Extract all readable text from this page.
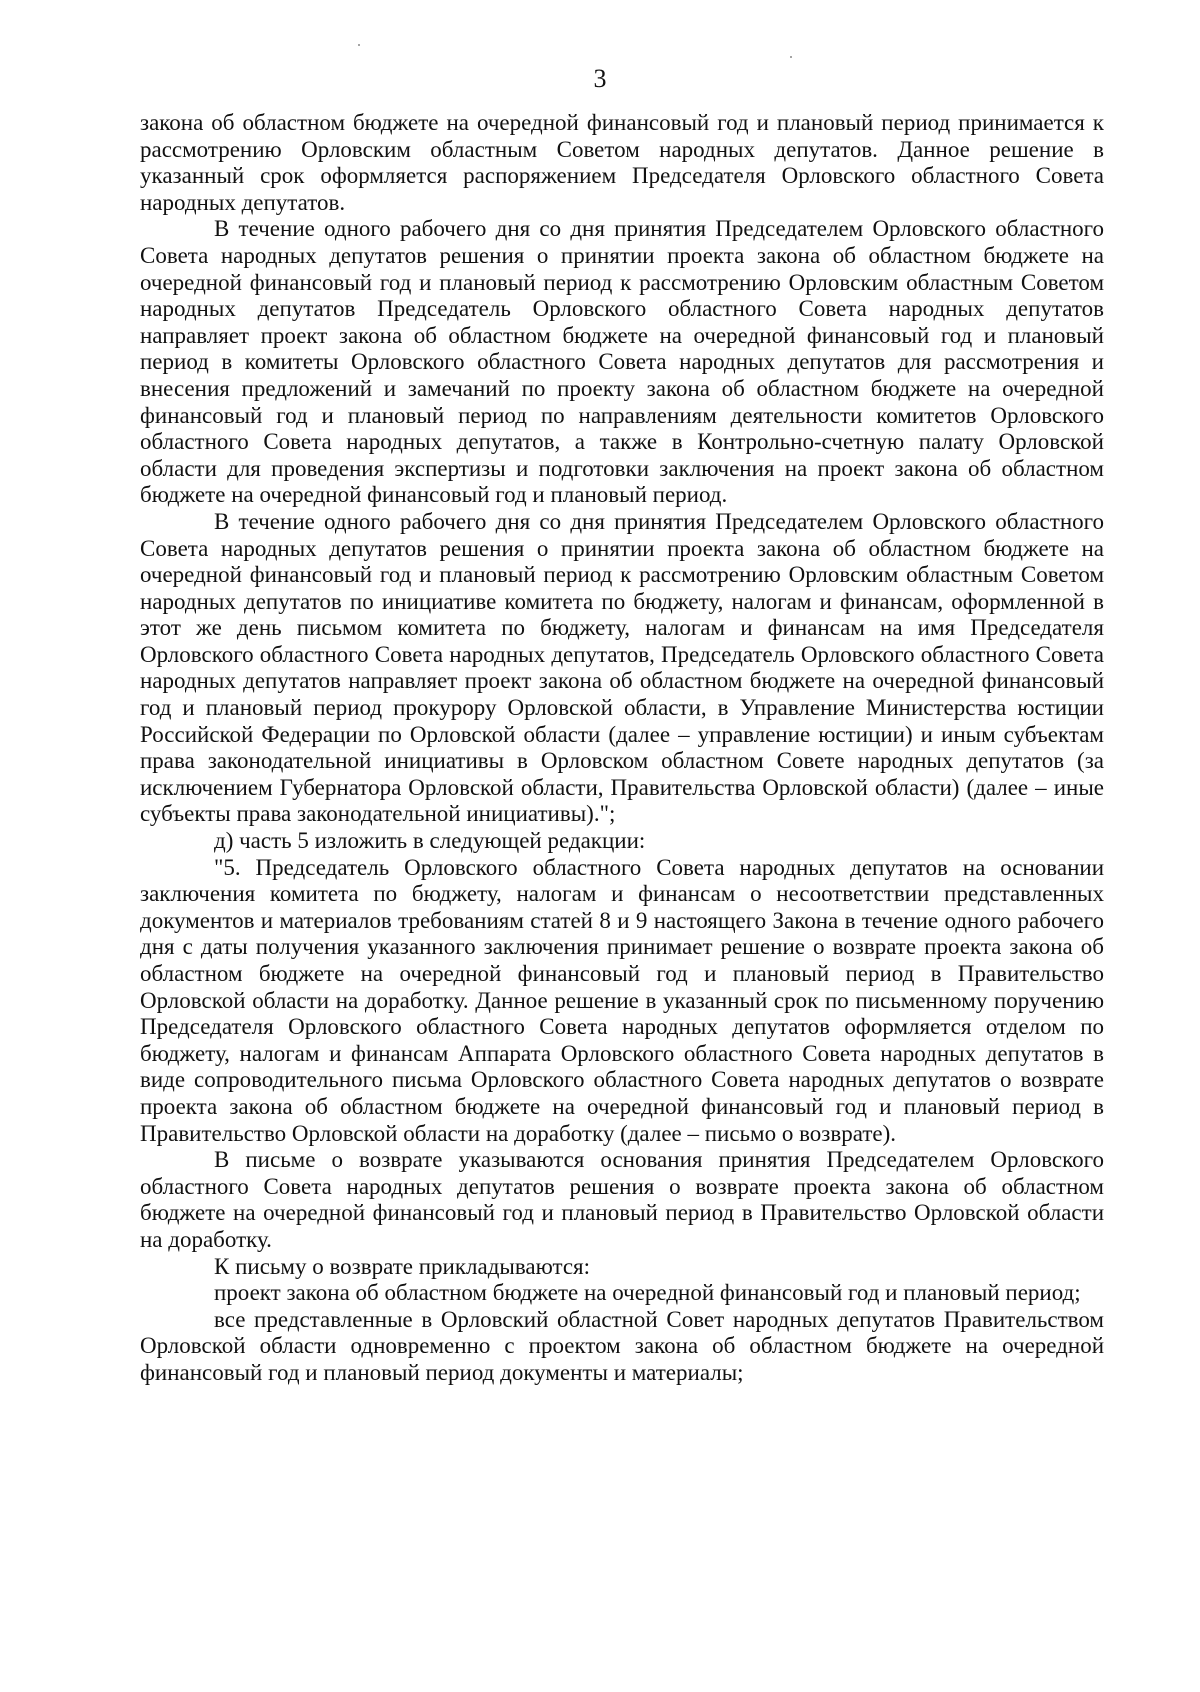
3

закона об областном бюджете на очередной финансовый год и плановый период принимается к рассмотрению Орловским областным Советом народных депутатов. Данное решение в указанный срок оформляется распоряжением Председателя Орловского областного Совета народных депутатов.

В течение одного рабочего дня со дня принятия Председателем Орловского областного Совета народных депутатов решения о принятии проекта закона об областном бюджете на очередной финансовый год и плановый период к рассмотрению Орловским областным Советом народных депутатов Председатель Орловского областного Совета народных депутатов направляет проект закона об областном бюджете на очередной финансовый год и плановый период в комитеты Орловского областного Совета народных депутатов для рассмотрения и внесения предложений и замечаний по проекту закона об областном бюджете на очередной финансовый год и плановый период по направлениям деятельности комитетов Орловского областного Совета народных депутатов, а также в Контрольно-счетную палату Орловской области для проведения экспертизы и подготовки заключения на проект закона об областном бюджете на очередной финансовый год и плановый период.

В течение одного рабочего дня со дня принятия Председателем Орловского областного Совета народных депутатов решения о принятии проекта закона об областном бюджете на очередной финансовый год и плановый период к рассмотрению Орловским областным Советом народных депутатов по инициативе комитета по бюджету, налогам и финансам, оформленной в этот же день письмом комитета по бюджету, налогам и финансам на имя Председателя Орловского областного Совета народных депутатов, Председатель Орловского областного Совета народных депутатов направляет проект закона об областном бюджете на очередной финансовый год и плановый период прокурору Орловской области, в Управление Министерства юстиции Российской Федерации по Орловской области (далее – управление юстиции) и иным субъектам права законодательной инициативы в Орловском областном Совете народных депутатов (за исключением Губернатора Орловской области, Правительства Орловской области) (далее – иные субъекты права законодательной инициативы).";

д) часть 5 изложить в следующей редакции:

"5. Председатель Орловского областного Совета народных депутатов на основании заключения комитета по бюджету, налогам и финансам о несоответствии представленных документов и материалов требованиям статей 8 и 9 настоящего Закона в течение одного рабочего дня с даты получения указанного заключения принимает решение о возврате проекта закона об областном бюджете на очередной финансовый год и плановый период в Правительство Орловской области на доработку. Данное решение в указанный срок по письменному поручению Председателя Орловского областного Совета народных депутатов оформляется отделом по бюджету, налогам и финансам Аппарата Орловского областного Совета народных депутатов в виде сопроводительного письма Орловского областного Совета народных депутатов о возврате проекта закона об областном бюджете на очередной финансовый год и плановый период в Правительство Орловской области на доработку (далее – письмо о возврате).

В письме о возврате указываются основания принятия Председателем Орловского областного Совета народных депутатов решения о возврате проекта закона об областном бюджете на очередной финансовый год и плановый период в Правительство Орловской области на доработку.

К письму о возврате прикладываются:

проект закона об областном бюджете на очередной финансовый год и плановый период;

все представленные в Орловский областной Совет народных депутатов Правительством Орловской области одновременно с проектом закона об областном бюджете на очередной финансовый год и плановый период документы и материалы;
